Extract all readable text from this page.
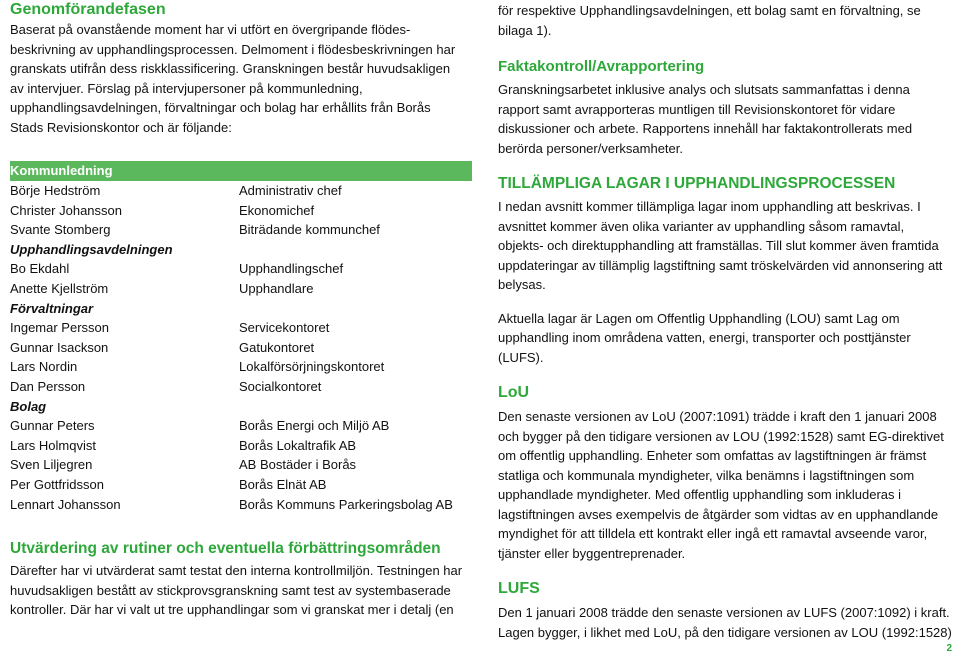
Genomförandefasen

Baserat på ovanstående moment har vi utfört en övergripande flödes-
beskrivning av upphandlingsprocessen. Delmoment i flödesbeskrivningen har
granskats utifrån dess riskklassificering. Granskningen består huvudsakligen
av intervjuer. Förslag på intervjupersoner på kommunledning,
upphandlingsavdelningen, förvaltningar och bolag har erhållits från Borås
Stads Revisionskontor och är följande:

Kommunledning	
Börje Hedström	Administrativ chef
Christer Johansson	Ekonomichef
Svante Stomberg	Biträdande kommunchef
Upphandlingsavdelningen	
Bo Ekdahl	Upphandlingschef
Anette Kjellström	Upphandlare
Förvaltningar	
Ingemar Persson	Servicekontoret
Gunnar Isackson	Gatukontoret
Lars Nordin	Lokalförsörjningskontoret
Dan Persson	Socialkontoret
Bolag	
Gunnar Peters	Borås Energi och Miljö AB
Lars Holmqvist	Borås Lokaltrafik AB
Sven Liljegren	AB Bostäder i Borås
Per Gottfridsson	Borås Elnät AB
Lennart Johansson	Borås Kommuns Parkeringsbolag AB
Utvärdering av rutiner och eventuella förbättringsområden

Därefter har vi utvärderat samt testat den interna kontrollmiljön. Testningen har
huvudsakligen bestått av stickprovsgranskning samt test av systembaserade
kontroller. Där har vi valt ut tre upphandlingar som vi granskat mer i detalj (en

för respektive Upphandlingsavdelningen, ett bolag samt en förvaltning, se
bilaga 1).

Faktakontroll/Avrapportering

Granskningsarbetet inklusive analys och slutsats sammanfattas i denna
rapport samt avrapporteras muntligen till Revisionskontoret för vidare
diskussioner och arbete. Rapportens innehåll har faktakontrollerats med
berörda personer/verksamheter.

TILLÄMPLIGA LAGAR I UPPHANDLINGSPROCESSEN

I nedan avsnitt kommer tillämpliga lagar inom upphandling att beskrivas. I
avsnittet kommer även olika varianter av upphandling såsom ramavtal,
objekts- och direktupphandling att framställas. Till slut kommer även framtida
uppdateringar av tillämplig lagstiftning samt tröskelvärden vid annonsering att
belysas.

Aktuella lagar är Lagen om Offentlig Upphandling (LOU) samt Lag om
upphandling inom områdena vatten, energi, transporter och posttjänster
(LUFS).

LoU

Den senaste versionen av LoU (2007:1091) trädde i kraft den 1 januari 2008
och bygger på den tidigare versionen av LOU (1992:1528) samt EG-direktivet
om offentlig upphandling. Enheter som omfattas av lagstiftningen är främst
statliga och kommunala myndigheter, vilka benämns i lagstiftningen som
upphandlade myndigheter. Med offentlig upphandling som inkluderas i
lagstiftningen avses exempelvis de åtgärder som vidtas av en upphandlande
myndighet för att tilldela ett kontrakt eller ingå ett ramavtal avseende varor,
tjänster eller byggentreprenader.

LUFS

Den 1 januari 2008 trädde den senaste versionen av LUFS (2007:1092) i kraft.
Lagen bygger, i likhet med LoU, på den tidigare versionen av LOU (1992:1528)

2
